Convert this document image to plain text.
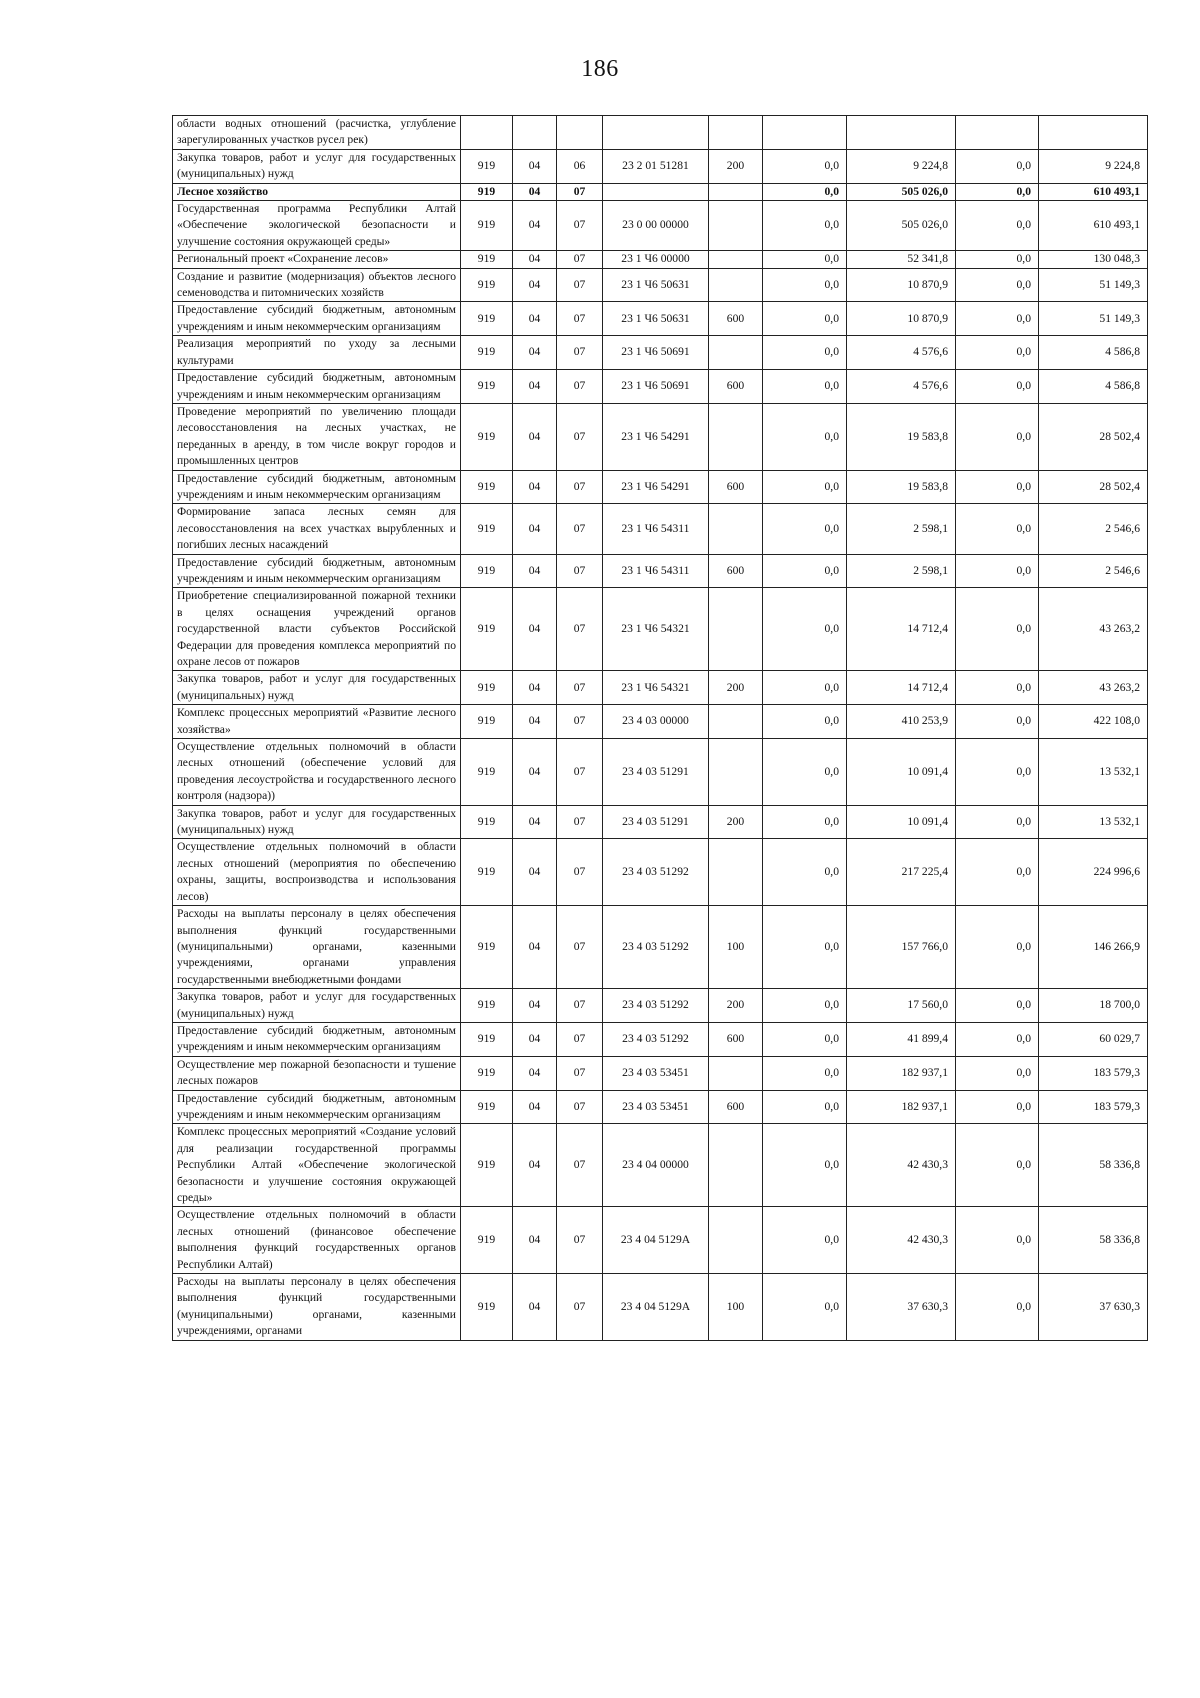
186
области водных отношений (расчистка, углубление зарегулированных участков русел рек)									
Закупка товаров, работ и услуг для государственных (муниципальных) нужд	919	04	06	23 2 01 51281	200	0,0	9 224,8	0,0	9 224,8
Лесное хозяйство	919	04	07			0,0	505 026,0	0,0	610 493,1
Государственная программа Республики Алтай «Обеспечение экологической безопасности и улучшение состояния окружающей среды»	919	04	07	23 0 00 00000		0,0	505 026,0	0,0	610 493,1
Региональный проект «Сохранение лесов»	919	04	07	23 1 Ч6 00000		0,0	52 341,8	0,0	130 048,3
Создание и развитие (модернизация) объектов лесного семеноводства и питомнических хозяйств	919	04	07	23 1 Ч6 50631		0,0	10 870,9	0,0	51 149,3
Предоставление субсидий бюджетным, автономным учреждениям и иным некоммерческим организациям	919	04	07	23 1 Ч6 50631	600	0,0	10 870,9	0,0	51 149,3
Реализация мероприятий по уходу за лесными культурами	919	04	07	23 1 Ч6 50691		0,0	4 576,6	0,0	4 586,8
Предоставление субсидий бюджетным, автономным учреждениям и иным некоммерческим организациям	919	04	07	23 1 Ч6 50691	600	0,0	4 576,6	0,0	4 586,8
Проведение мероприятий по увеличению площади лесовосстановления на лесных участках, не переданных в аренду, в том числе вокруг городов и промышленных центров	919	04	07	23 1 Ч6 54291		0,0	19 583,8	0,0	28 502,4
Предоставление субсидий бюджетным, автономным учреждениям и иным некоммерческим организациям	919	04	07	23 1 Ч6 54291	600	0,0	19 583,8	0,0	28 502,4
Формирование запаса лесных семян для лесовосстановления на всех участках вырубленных и погибших лесных насаждений	919	04	07	23 1 Ч6 54311		0,0	2 598,1	0,0	2 546,6
Предоставление субсидий бюджетным, автономным учреждениям и иным некоммерческим организациям	919	04	07	23 1 Ч6 54311	600	0,0	2 598,1	0,0	2 546,6
Приобретение специализированной пожарной техники в целях оснащения учреждений органов государственной власти субъектов Российской Федерации для проведения комплекса мероприятий по охране лесов от пожаров	919	04	07	23 1 Ч6 54321		0,0	14 712,4	0,0	43 263,2
Закупка товаров, работ и услуг для государственных (муниципальных) нужд	919	04	07	23 1 Ч6 54321	200	0,0	14 712,4	0,0	43 263,2
Комплекс процессных мероприятий «Развитие лесного хозяйства»	919	04	07	23 4 03 00000		0,0	410 253,9	0,0	422 108,0
Осуществление отдельных полномочий в области лесных отношений (обеспечение условий для проведения лесоустройства и государственного лесного контроля (надзора))	919	04	07	23 4 03 51291		0,0	10 091,4	0,0	13 532,1
Закупка товаров, работ и услуг для государственных (муниципальных) нужд	919	04	07	23 4 03 51291	200	0,0	10 091,4	0,0	13 532,1
Осуществление отдельных полномочий в области лесных отношений (мероприятия по обеспечению охраны, защиты, воспроизводства и использования лесов)	919	04	07	23 4 03 51292		0,0	217 225,4	0,0	224 996,6
Расходы на выплаты персоналу в целях обеспечения выполнения функций государственными (муниципальными) органами, казенными учреждениями, органами управления государственными внебюджетными фондами	919	04	07	23 4 03 51292	100	0,0	157 766,0	0,0	146 266,9
Закупка товаров, работ и услуг для государственных (муниципальных) нужд	919	04	07	23 4 03 51292	200	0,0	17 560,0	0,0	18 700,0
Предоставление субсидий бюджетным, автономным учреждениям и иным некоммерческим организациям	919	04	07	23 4 03 51292	600	0,0	41 899,4	0,0	60 029,7
Осуществление мер пожарной безопасности и тушение лесных пожаров	919	04	07	23 4 03 53451		0,0	182 937,1	0,0	183 579,3
Предоставление субсидий бюджетным, автономным учреждениям и иным некоммерческим организациям	919	04	07	23 4 03 53451	600	0,0	182 937,1	0,0	183 579,3
Комплекс процессных мероприятий «Создание условий для реализации государственной программы Республики Алтай «Обеспечение экологической безопасности и улучшение состояния окружающей среды»	919	04	07	23 4 04 00000		0,0	42 430,3	0,0	58 336,8
Осуществление отдельных полномочий в области лесных отношений (финансовое обеспечение выполнения функций государственных органов Республики Алтай)	919	04	07	23 4 04 5129А		0,0	42 430,3	0,0	58 336,8
Расходы на выплаты персоналу в целях обеспечения выполнения функций государственными (муниципальными) органами, казенными учреждениями, органами	919	04	07	23 4 04 5129А	100	0,0	37 630,3	0,0	37 630,3
